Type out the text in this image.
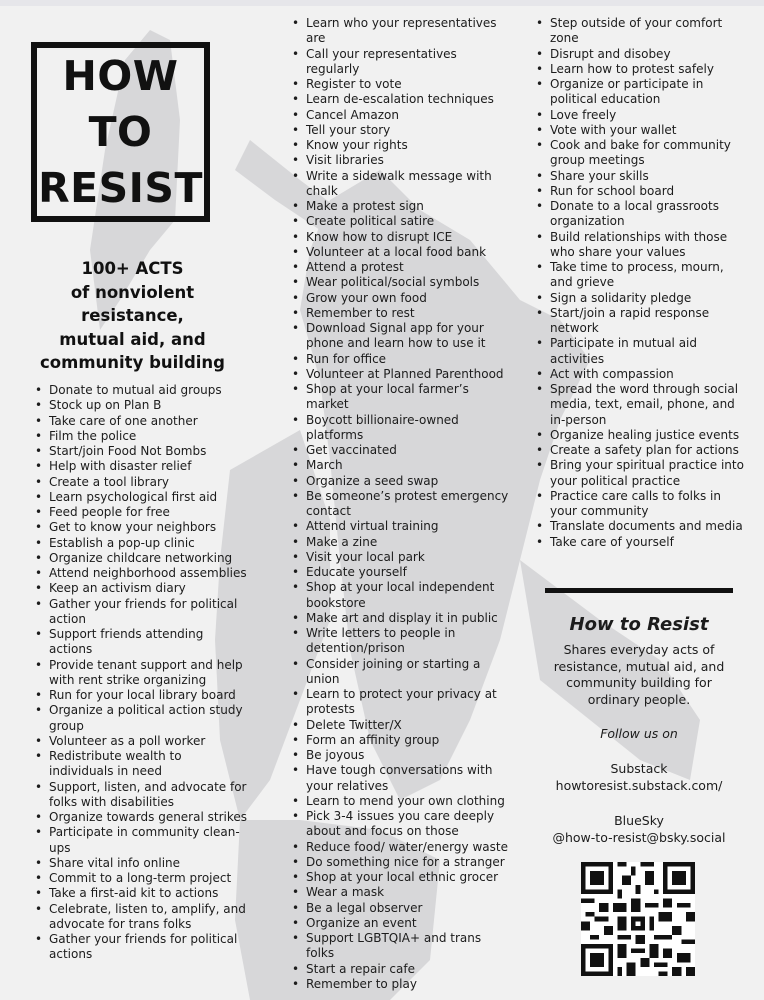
HOW
TO
RESIST
100+ ACTS
of nonviolent
resistance,
mutual aid, and
community building
• Donate to mutual aid groups
• Stock up on Plan B
• Take care of one another
• Film the police
• Start/join Food Not Bombs
• Help with disaster relief
• Create a tool library
• Learn psychological first aid
• Feed people for free
• Get to know your neighbors
• Establish a pop-up clinic
• Organize childcare networking
• Attend neighborhood assemblies
• Keep an activism diary
• Gather your friends for political action
• Support friends attending actions
• Provide tenant support and help with rent strike organizing
• Run for your local library board
• Organize a political action study group
• Volunteer as a poll worker
• Redistribute wealth to individuals in need
• Support, listen, and advocate for folks with disabilities
• Organize towards general strikes
• Participate in community clean-ups
• Share vital info online
• Commit to a long-term project
• Take a first-aid kit to actions
• Celebrate, listen to, amplify, and advocate for trans folks
• Gather your friends for political actions
• Learn who your representatives are
• Call your representatives regularly
• Register to vote
• Learn de-escalation techniques
• Cancel Amazon
• Tell your story
• Know your rights
• Visit libraries
• Write a sidewalk message with chalk
• Make a protest sign
• Create political satire
• Know how to disrupt ICE
• Volunteer at a local food bank
• Attend a protest
• Wear political/social symbols
• Grow your own food
• Remember to rest
• Download Signal app for your phone and learn how to use it
• Run for office
• Volunteer at Planned Parenthood
• Shop at your local farmer’s market
• Boycott billionaire-owned platforms
• Get vaccinated
• March
• Organize a seed swap
• Be someone’s protest emergency contact
• Attend virtual training
• Make a zine
• Visit your local park
• Educate yourself
• Shop at your local independent bookstore
• Make art and display it in public
• Write letters to people in detention/prison
• Consider joining or starting a union
• Learn to protect your privacy at protests
• Delete Twitter/X
• Form an affinity group
• Be joyous
• Have tough conversations with your relatives
• Learn to mend your own clothing
• Pick 3-4 issues you care deeply about and focus on those
• Reduce food/ water/energy waste
• Do something nice for a stranger
• Shop at your local ethnic grocer
• Wear a mask
• Be a legal observer
• Organize an event
• Support LGBTQIA+ and trans folks
• Start a repair cafe
• Remember to play
• Step outside of your comfort zone
• Disrupt and disobey
• Learn how to protest safely
• Organize or participate in political education
• Love freely
• Vote with your wallet
• Cook and bake for community group meetings
• Share your skills
• Run for school board
• Donate to a local grassroots organization
• Build relationships with those who share your values
• Take time to process, mourn, and grieve
• Sign a solidarity pledge
• Start/join a rapid response network
• Participate in mutual aid activities
• Act with compassion
• Spread the word through social media, text, email, phone, and in-person
• Organize healing justice events
• Create a safety plan for actions
• Bring your spiritual practice into your political practice
• Practice care calls to folks in your community
• Translate documents and media
• Take care of yourself
How to Resist
Shares everyday acts of resistance, mutual aid, and community building for ordinary people.
Follow us on
Substack
howtoresist.substack.com/
BlueSky
@how-to-resist@bsky.social
